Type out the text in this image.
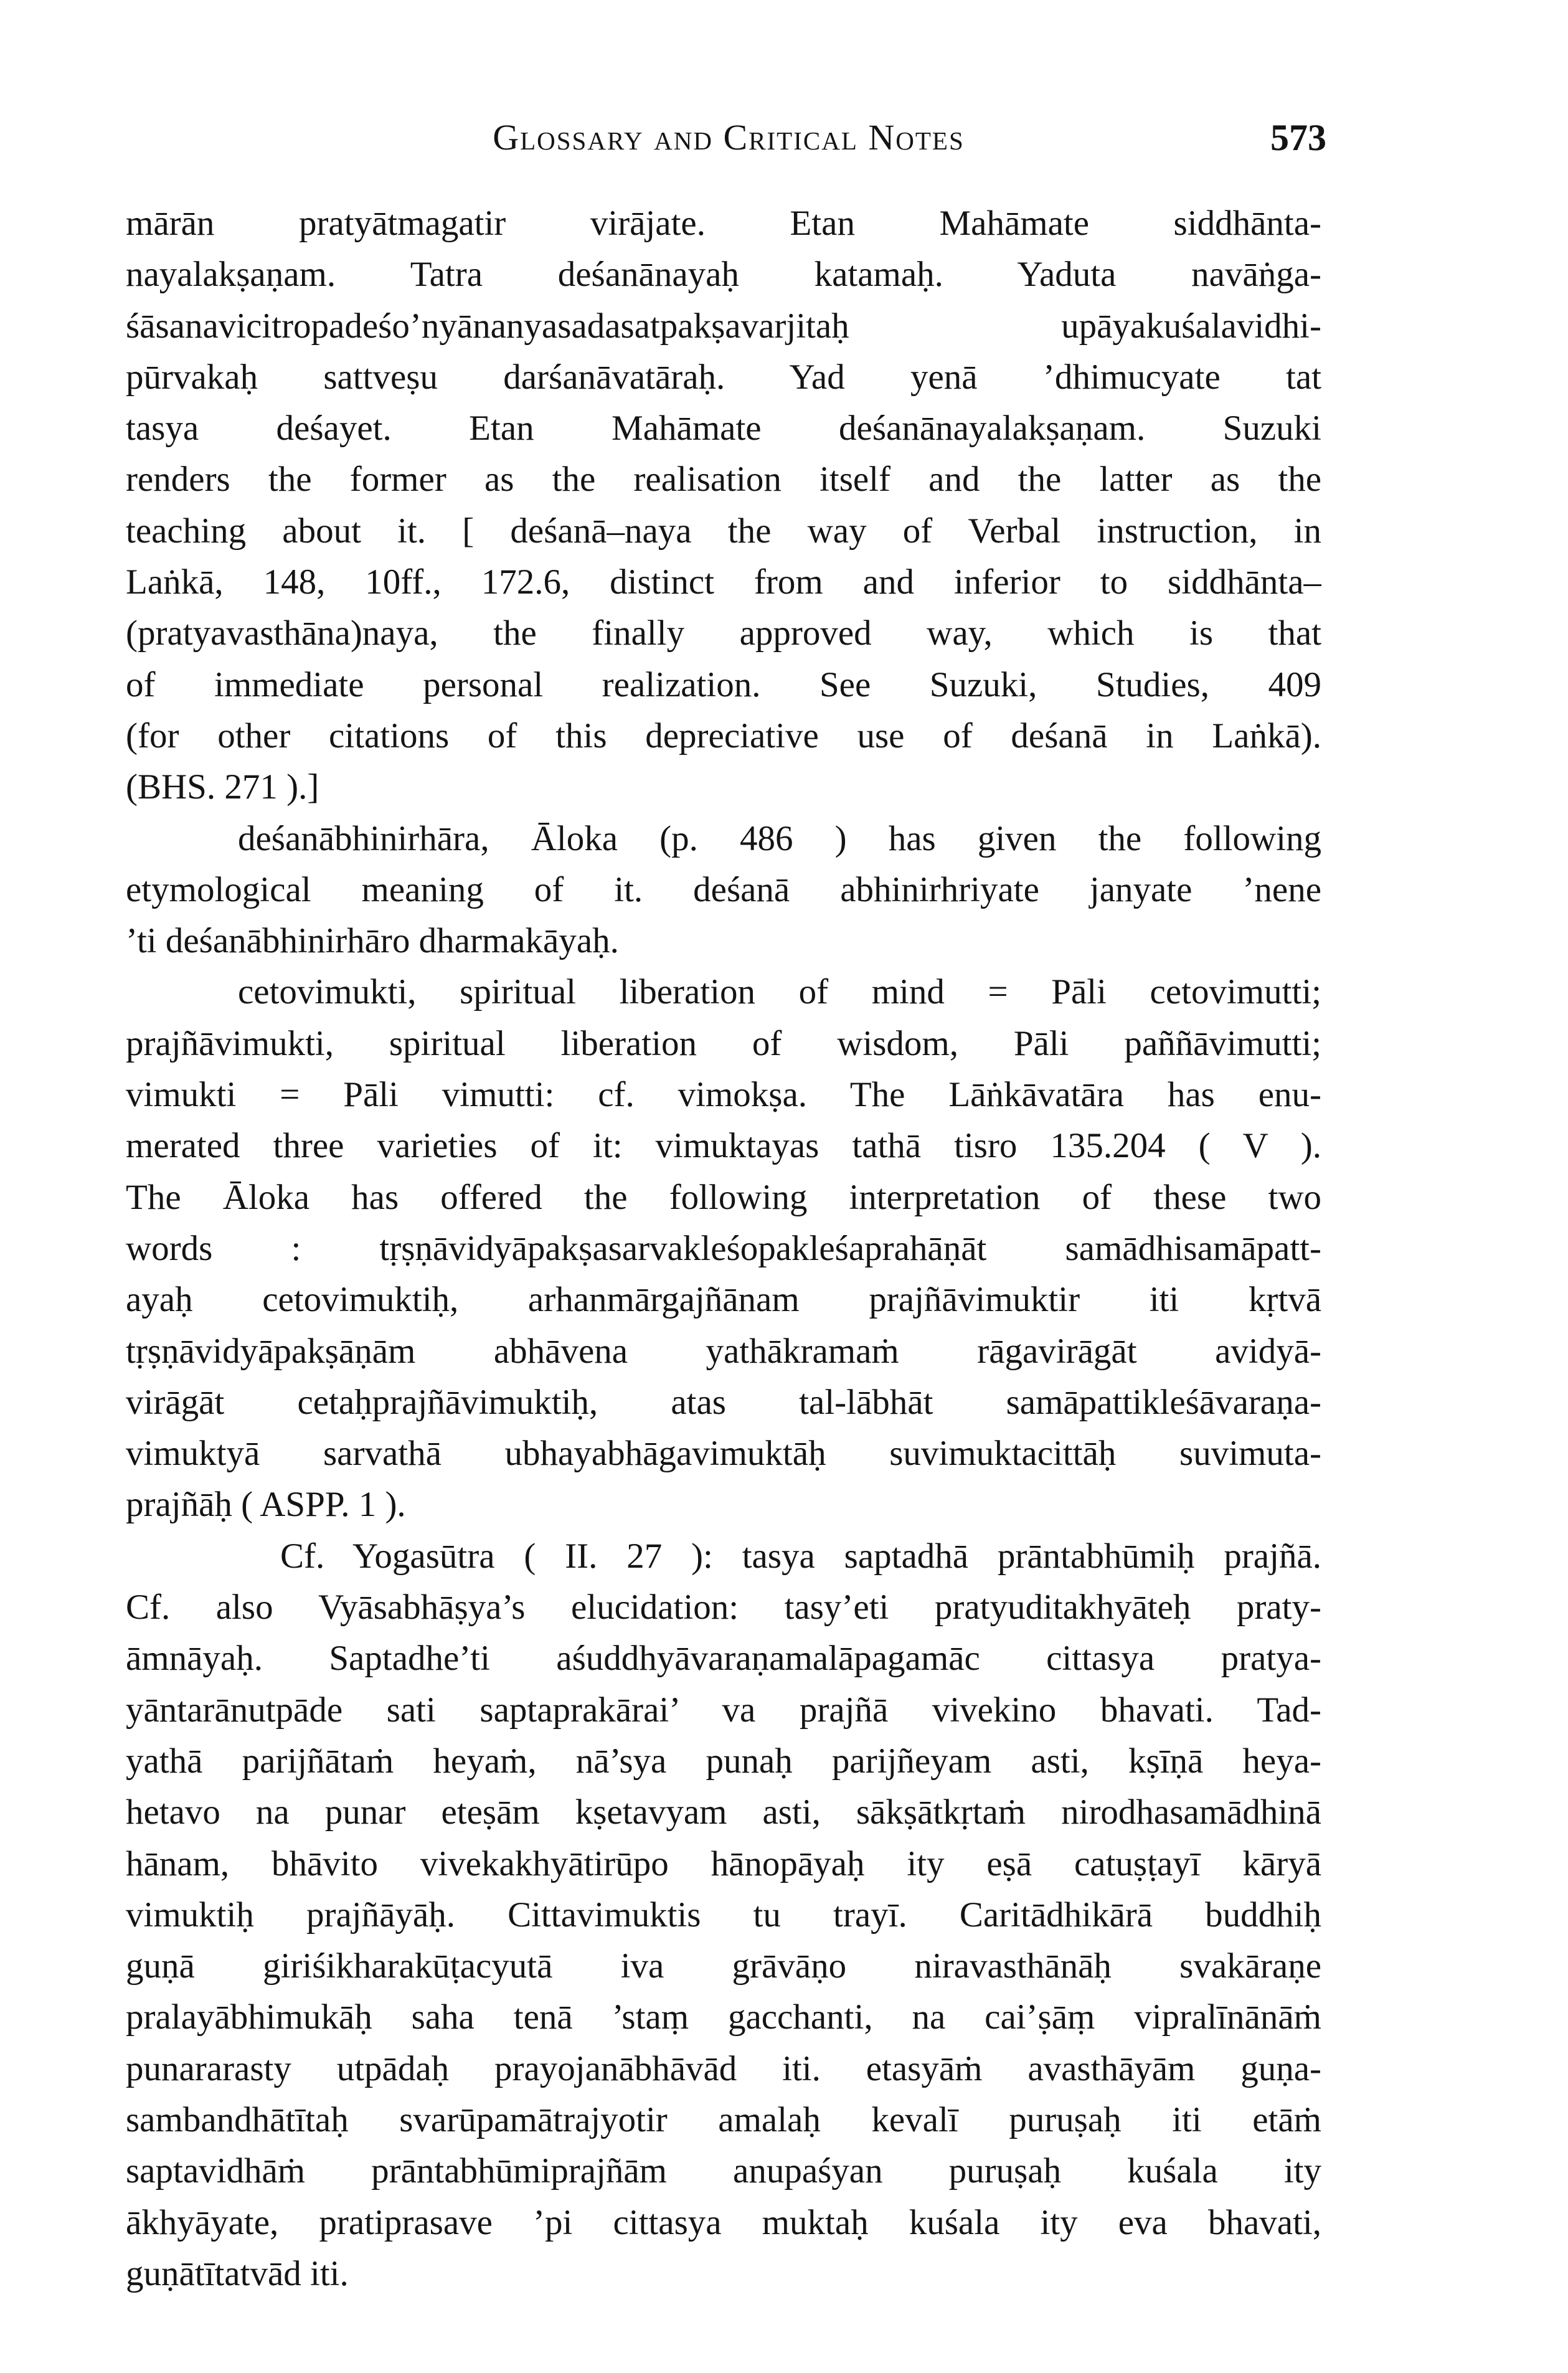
Glossary and Critical Notes	573
mārān pratyātmagatir virājate. Etan Mahāmate siddhānta-
nayalakṣaṇam. Tatra deśanānayaḥ katamaḥ. Yaduta navāṅga-
śāsanavicitropadeśo’nyānanyasadasatpakṣavarjitaḥ upāyakuśalavidhi-
pūrvakaḥ sattveṣu darśanāvatāraḥ. Yad yenā ’dhimucyate tat
tasya deśayet. Etan Mahāmate deśanānayalakṣaṇam. Suzuki
renders the former as the realisation itself and the latter as the
teaching about it. [ deśanā–naya the way of Verbal instruction, in
Laṅkā, 148, 10ff., 172.6, distinct from and inferior to siddhānta–
(pratyavasthāna)naya, the finally approved way, which is that
of immediate personal realization. See Suzuki, Studies, 409
(for other citations of this depreciative use of deśanā in Laṅkā).
(BHS. 271 ).]
deśanābhinirhāra, Āloka (p. 486 ) has given the following
etymological meaning of it. deśanā abhinirhriyate janyate ’nene
’ti deśanābhinirhāro dharmakāyaḥ.
cetovimukti, spiritual liberation of mind = Pāli cetovimutti;
prajñāvimukti, spiritual liberation of wisdom, Pāli paññāvimutti;
vimukti = Pāli vimutti: cf. vimokṣa. The Lāṅkāvatāra has enu-
merated three varieties of it: vimuktayas tathā tisro 135.204 ( V ).
The Āloka has offered the following interpretation of these two
words : tṛṣṇāvidyāpakṣasarvakleśopakleśaprahāṇāt samādhisamāpatt-
ayaḥ cetovimuktiḥ, arhanmārgajñānam prajñāvimuktir iti kṛtvā
tṛṣṇāvidyāpakṣāṇām abhāvena yathākramaṁ rāgavirāgāt avidyā-
virāgāt cetaḥprajñāvimuktiḥ, atas tal-lābhāt samāpattikleśāvaraṇa-
vimuktyā sarvathā ubhayabhāgavimuktāḥ suvimuktacittāḥ suvimuta-
prajñāḥ ( ASPP. 1 ).
Cf. Yogasūtra ( II. 27 ): tasya saptadhā prāntabhūmiḥ prajñā.
Cf. also Vyāsabhāṣya’s elucidation: tasy’eti pratyuditakhyāteḥ praty-
āmnāyaḥ. Saptadhe’ti aśuddhyāvaraṇamalāpagamāc cittasya pratya-
yāntarānutpāde sati saptaprakārai’ va prajñā vivekino bhavati. Tad-
yathā parijñātaṁ heyaṁ, nā’sya punaḥ parijñeyam asti, kṣīṇā heya-
hetavo na punar eteṣām kṣetavyam asti, sākṣātkṛtaṁ nirodhasamādhinā
hānam, bhāvito vivekakhyātirūpo hānopāyaḥ ity eṣā catuṣṭayī kāryā
vimuktiḥ prajñāyāḥ. Cittavimuktis tu trayī. Caritādhikārā buddhiḥ
guṇā giriśikharakūṭacyutā iva grāvāṇo niravasthānāḥ svakāraṇe
pralayābhimukāḥ saha tenā ’staṃ gacchanti, na cai’ṣāṃ vipralīnānāṁ
punararasty utpādaḥ prayojanābhāvād iti. etasyāṁ avasthāyām guṇa-
sambandhātītaḥ svarūpamātrajyotir amalaḥ kevalī puruṣaḥ iti etāṁ
saptavidhāṁ prāntabhūmiprajñām anupaśyan puruṣaḥ kuśala ity
ākhyāyate, pratiprasave ’pi cittasya muktaḥ kuśala ity eva bhavati,
guṇātītatvād iti.
